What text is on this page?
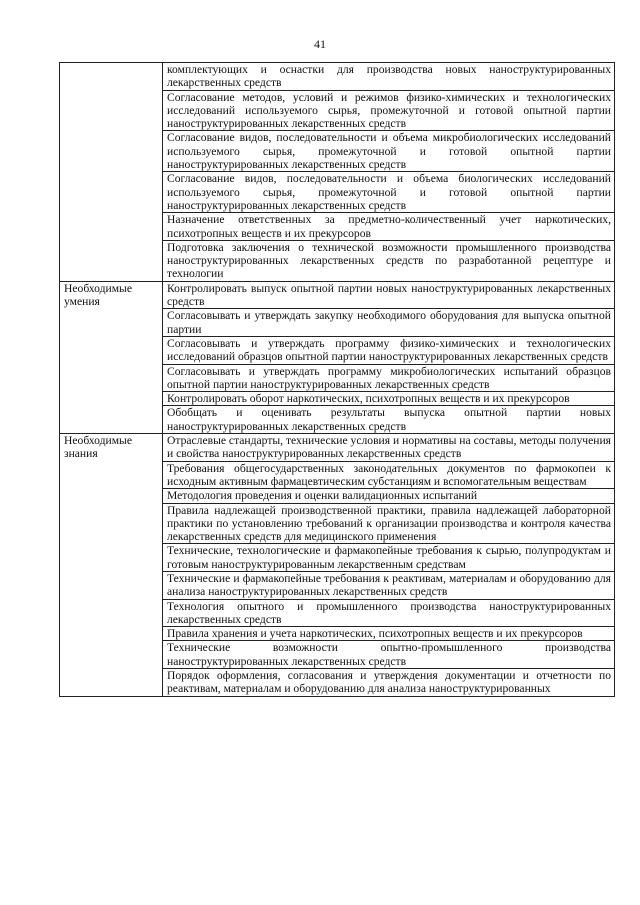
41
	комплектующих и оснастки для производства новых наноструктурированных лекарственных средств
	Согласование методов, условий и режимов физико-химических и технологических исследований используемого сырья, промежуточной и готовой опытной партии наноструктурированных лекарственных средств
	Согласование видов, последовательности и объема микробиологических исследований используемого сырья, промежуточной и готовой опытной партии наноструктурированных лекарственных средств
	Согласование видов, последовательности и объема биологических исследований используемого сырья, промежуточной и готовой опытной партии наноструктурированных лекарственных средств
	Назначение ответственных за предметно-количественный учет наркотических, психотропных веществ и их прекурсоров
	Подготовка заключения о технической возможности промышленного производства наноструктурированных лекарственных средств по разработанной рецептуре и технологии
Необходимые умения	Контролировать выпуск опытной партии новых наноструктурированных лекарственных средств
	Согласовывать и утверждать закупку необходимого оборудования для выпуска опытной партии
	Согласовывать и утверждать программу физико-химических и технологических исследований образцов опытной партии наноструктурированных лекарственных средств
	Согласовывать и утверждать программу микробиологических испытаний образцов опытной партии наноструктурированных лекарственных средств
	Контролировать оборот наркотических, психотропных веществ и их прекурсоров
	Обобщать и оценивать результаты выпуска опытной партии новых наноструктурированных лекарственных средств
Необходимые знания	Отраслевые стандарты, технические условия и нормативы на составы, методы получения и свойства наноструктурированных лекарственных средств
	Требования общегосударственных законодательных документов по фармокопеи к исходным активным фармацевтическим субстанциям и вспомогательным веществам
	Методология проведения и оценки валидационных испытаний
	Правила надлежащей производственной практики, правила надлежащей лабораторной практики по установлению требований к организации производства и контроля качества лекарственных средств для медицинского применения
	Технические, технологические и фармакопейные требования к сырью, полупродуктам и готовым наноструктурированным лекарственным средствам
	Технические и фармакопейные требования к реактивам, материалам и оборудованию для анализа наноструктурированных лекарственных средств
	Технология опытного и промышленного производства наноструктурированных лекарственных средств
	Правила хранения и учета наркотических, психотропных веществ и их прекурсоров
	Технические возможности опытно-промышленного производства наноструктурированных лекарственных средств
	Порядок оформления, согласования и утверждения документации и отчетности по реактивам, материалам и оборудованию для анализа наноструктурированных
